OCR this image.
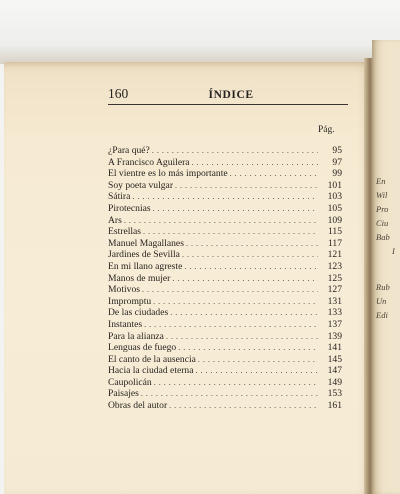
160	ÍNDICE
Pág.
¿Para qué? . . .	95
A Francisco Aguilera . . .	97
El vientre es lo más importante . . .	99
Soy poeta vulgar . . .	101
Sátira . . .	103
Pirotecnias . . .	105
Ars . . .	109
Estrellas . . .	115
Manuel Magallanes . . .	117
Jardines de Sevilla . . .	121
En mi llano agreste . . .	123
Manos de mujer . . .	125
Motivos . . .	127
Impromptu . . .	131
De las ciudades . . .	133
Instantes . . .	137
Para la alianza . . .	139
Lenguas de fuego . . .	141
El canto de la ausencia . . .	145
Hacia la ciudad eterna . . .	147
Caupolicán . . .	149
Paisajes . . .	153
Obras del autor . . .	161
En
Wil
Pro
Ciu
Bab
I
Rub
Un
Edi
